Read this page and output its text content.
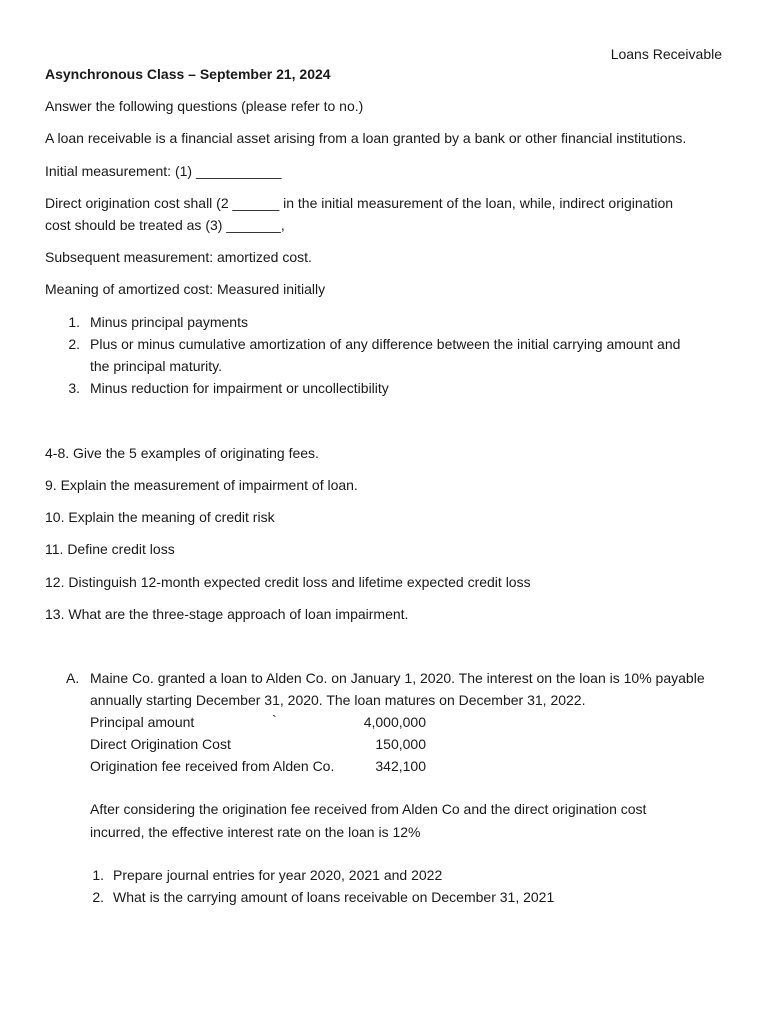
Loans Receivable
Asynchronous Class – September 21, 2024
Answer the following questions (please refer to no.)
A loan receivable is a financial asset arising from a loan granted by a bank or other financial institutions.
Initial measurement: (1) ___________
Direct origination cost shall (2 ______ in the initial measurement of the loan, while, indirect origination
cost should be treated as (3) _______,
Subsequent measurement: amortized cost.
Meaning of amortized cost: Measured initially
1. Minus principal payments
2. Plus or minus cumulative amortization of any difference between the initial carrying amount and
the principal maturity.
3. Minus reduction for impairment or uncollectibility
4-8. Give the 5 examples of originating fees.
9. Explain the measurement of impairment of loan.
10. Explain the meaning of credit risk
11. Define credit loss
12. Distinguish 12-month expected credit loss and lifetime expected credit loss
13. What are the three-stage approach of loan impairment.
A. Maine Co. granted a loan to Alden Co. on January 1, 2020. The interest on the loan is 10% payable
annually starting December 31, 2020. The loan matures on December 31, 2022.
Principal amount	`	4,000,000
Direct Origination Cost	150,000
Origination fee received from Alden Co.	342,100
After considering the origination fee received from Alden Co and the direct origination cost
incurred, the effective interest rate on the loan is 12%
1. Prepare journal entries for year 2020, 2021 and 2022
2. What is the carrying amount of loans receivable on December 31, 2021
